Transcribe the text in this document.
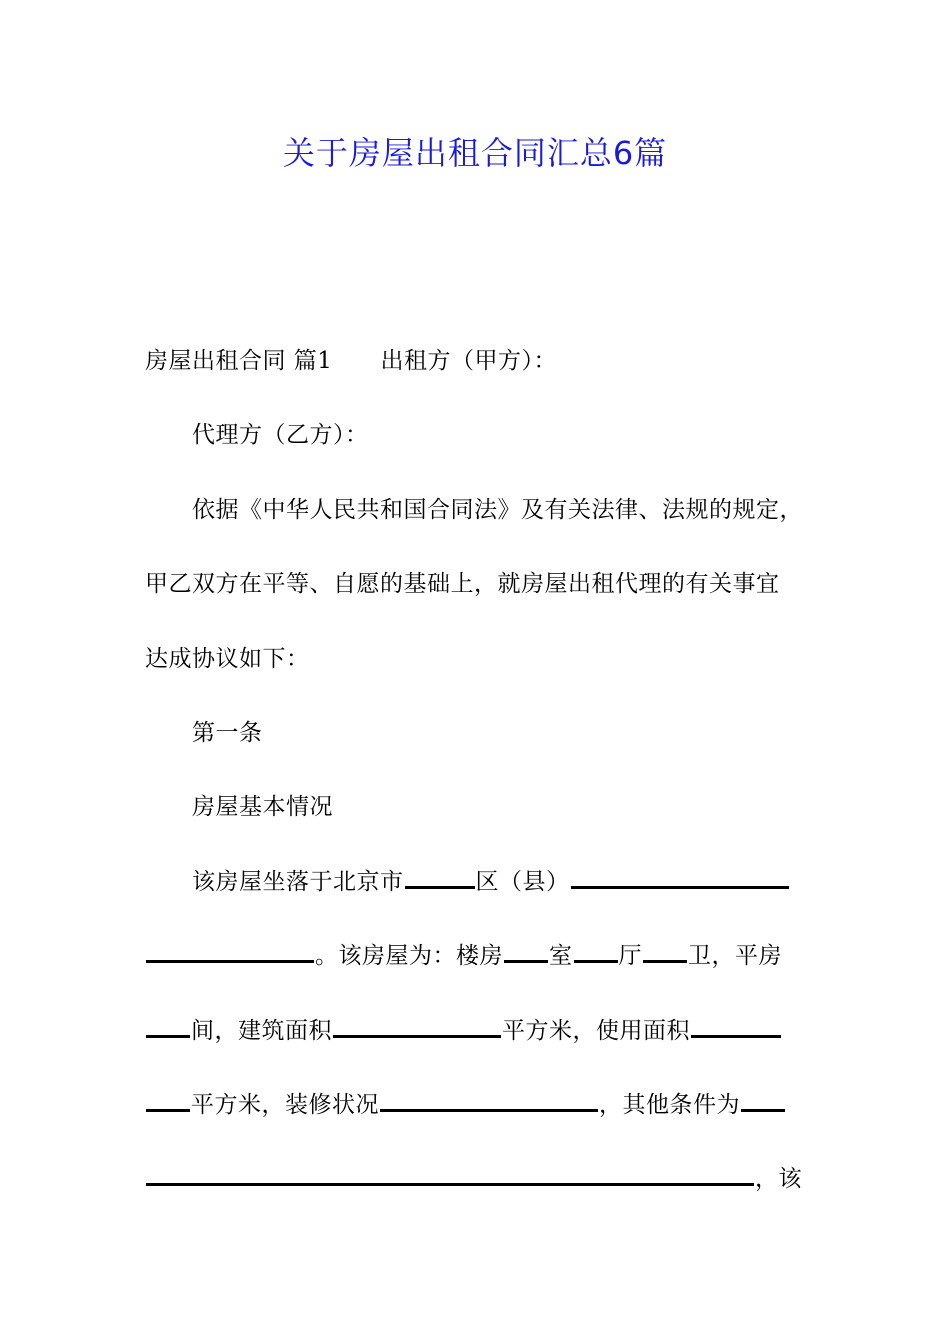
关于房屋出租合同汇总6篇
房屋出租合同 篇1 出租方（甲方）：
代理方（乙方）：
依据《中华人民共和国合同法》及有关法律、法规的规定，
甲乙双方在平等、自愿的基础上，就房屋出租代理的有关事宜
达成协议如下：
第一条
房屋基本情况
该房屋坐落于北京市	区（县）
。该房屋为：楼房 室 厅 卫，平房
间，建筑面积	平方米，使用面积
平方米，装修状况	，其他条件为
，该
